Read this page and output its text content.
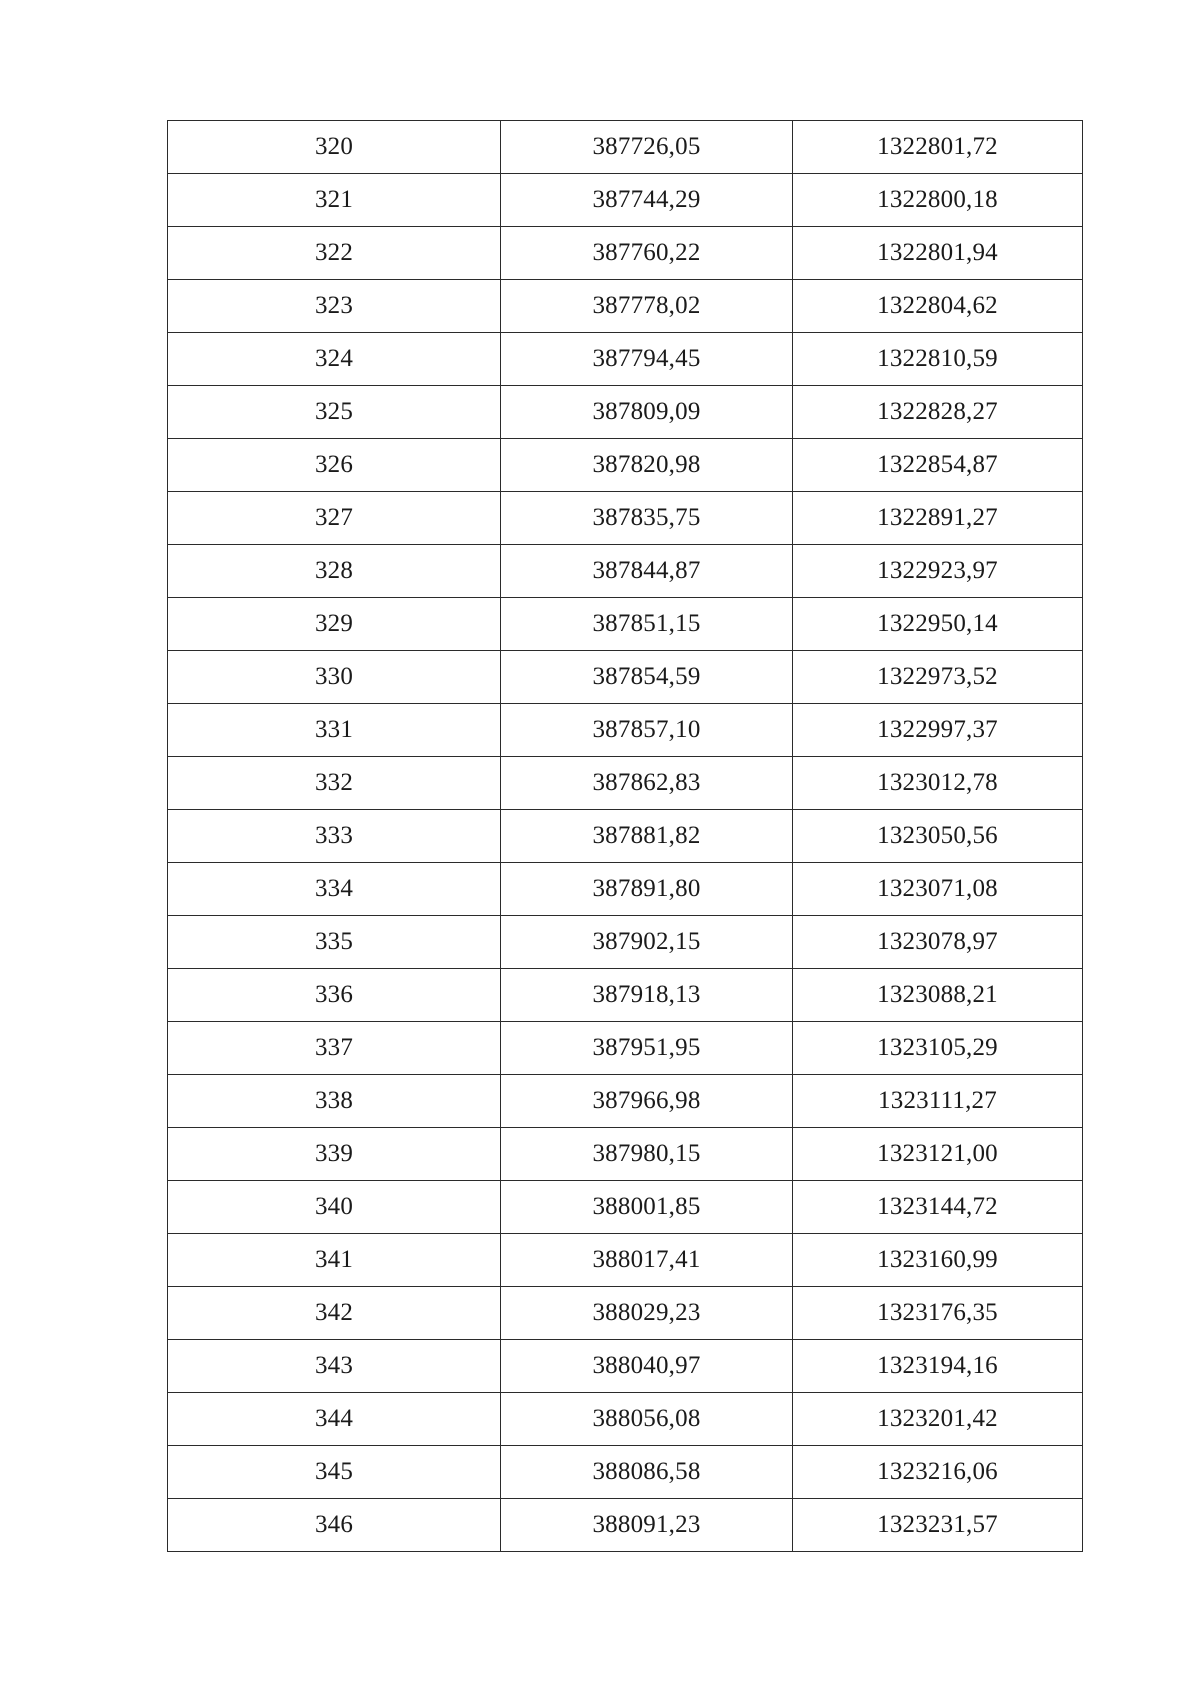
320	387726,05	1322801,72
321	387744,29	1322800,18
322	387760,22	1322801,94
323	387778,02	1322804,62
324	387794,45	1322810,59
325	387809,09	1322828,27
326	387820,98	1322854,87
327	387835,75	1322891,27
328	387844,87	1322923,97
329	387851,15	1322950,14
330	387854,59	1322973,52
331	387857,10	1322997,37
332	387862,83	1323012,78
333	387881,82	1323050,56
334	387891,80	1323071,08
335	387902,15	1323078,97
336	387918,13	1323088,21
337	387951,95	1323105,29
338	387966,98	1323111,27
339	387980,15	1323121,00
340	388001,85	1323144,72
341	388017,41	1323160,99
342	388029,23	1323176,35
343	388040,97	1323194,16
344	388056,08	1323201,42
345	388086,58	1323216,06
346	388091,23	1323231,57
